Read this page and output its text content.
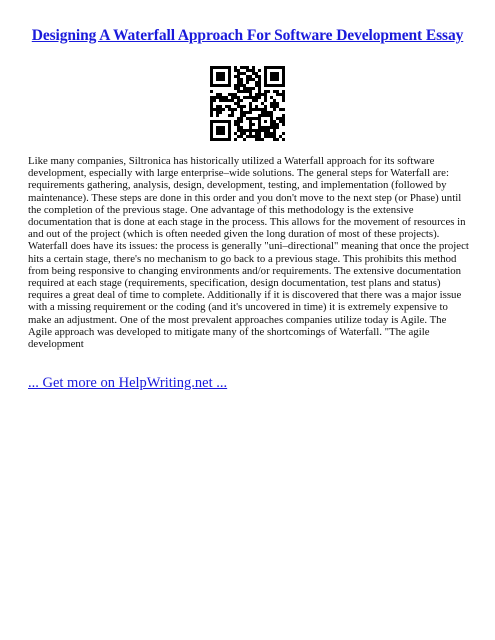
Designing A Waterfall Approach For Software Development Essay

Like many companies, Siltronica has historically utilized a Waterfall approach for its software development, especially with large enterprise–wide solutions. The general steps for Waterfall are: requirements gathering, analysis, design, development, testing, and implementation (followed by maintenance). These steps are done in this order and you don't move to the next step (or Phase) until the completion of the previous stage. One advantage of this methodology is the extensive documentation that is done at each stage in the process. This allows for the movement of resources in and out of the project (which is often needed given the long duration of most of these projects). Waterfall does have its issues: the process is generally "uni–directional" meaning that once the project hits a certain stage, there's no mechanism to go back to a previous stage. This prohibits this method from being responsive to changing environments and/or requirements. The extensive documentation required at each stage (requirements, specification, design documentation, test plans and status) requires a great deal of time to complete. Additionally if it is discovered that there was a major issue with a missing requirement or the coding (and it's uncovered in time) it is extremely expensive to make an adjustment. One of the most prevalent approaches companies utilize today is Agile. The Agile approach was developed to mitigate many of the shortcomings of Waterfall. "The agile development

... Get more on HelpWriting.net ...
